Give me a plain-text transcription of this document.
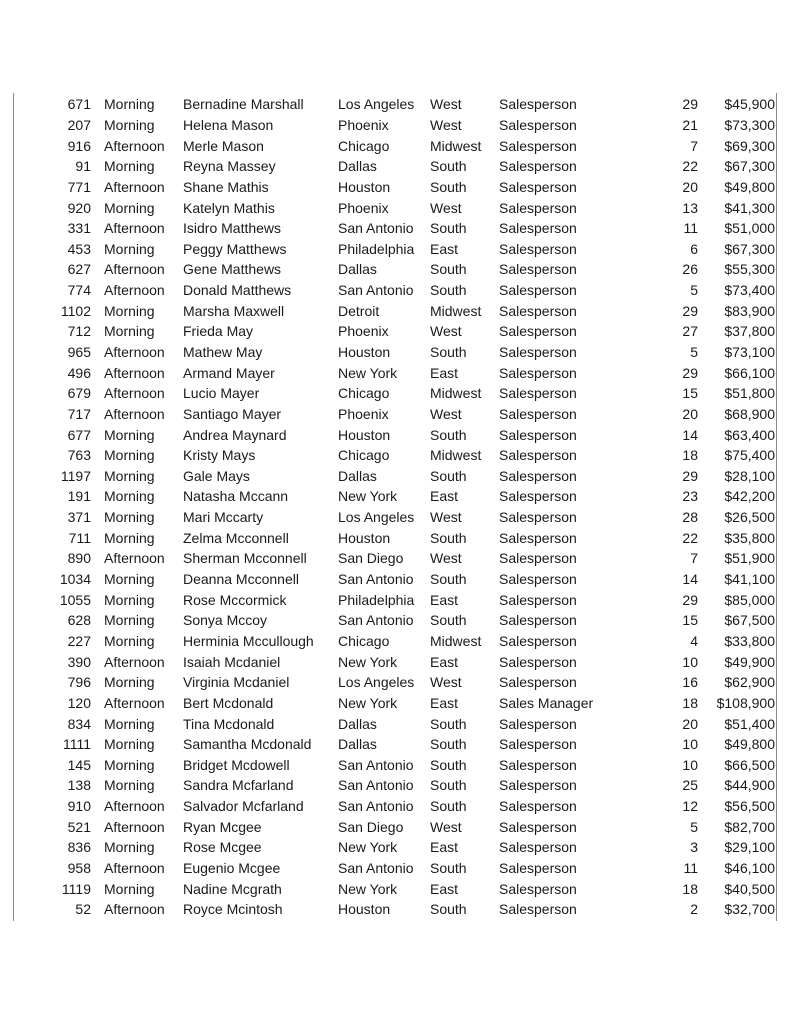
671	Morning	Bernadine Marshall	Los Angeles	West	Salesperson	29	$45,900
207	Morning	Helena Mason	Phoenix	West	Salesperson	21	$73,300
916	Afternoon	Merle Mason	Chicago	Midwest	Salesperson	7	$69,300
91	Morning	Reyna Massey	Dallas	South	Salesperson	22	$67,300
771	Afternoon	Shane Mathis	Houston	South	Salesperson	20	$49,800
920	Morning	Katelyn Mathis	Phoenix	West	Salesperson	13	$41,300
331	Afternoon	Isidro Matthews	San Antonio	South	Salesperson	11	$51,000
453	Morning	Peggy Matthews	Philadelphia	East	Salesperson	6	$67,300
627	Afternoon	Gene Matthews	Dallas	South	Salesperson	26	$55,300
774	Afternoon	Donald Matthews	San Antonio	South	Salesperson	5	$73,400
1102	Morning	Marsha Maxwell	Detroit	Midwest	Salesperson	29	$83,900
712	Morning	Frieda May	Phoenix	West	Salesperson	27	$37,800
965	Afternoon	Mathew May	Houston	South	Salesperson	5	$73,100
496	Afternoon	Armand Mayer	New York	East	Salesperson	29	$66,100
679	Afternoon	Lucio Mayer	Chicago	Midwest	Salesperson	15	$51,800
717	Afternoon	Santiago Mayer	Phoenix	West	Salesperson	20	$68,900
677	Morning	Andrea Maynard	Houston	South	Salesperson	14	$63,400
763	Morning	Kristy Mays	Chicago	Midwest	Salesperson	18	$75,400
1197	Morning	Gale Mays	Dallas	South	Salesperson	29	$28,100
191	Morning	Natasha Mccann	New York	East	Salesperson	23	$42,200
371	Morning	Mari Mccarty	Los Angeles	West	Salesperson	28	$26,500
711	Morning	Zelma Mcconnell	Houston	South	Salesperson	22	$35,800
890	Afternoon	Sherman Mcconnell	San Diego	West	Salesperson	7	$51,900
1034	Morning	Deanna Mcconnell	San Antonio	South	Salesperson	14	$41,100
1055	Morning	Rose Mccormick	Philadelphia	East	Salesperson	29	$85,000
628	Morning	Sonya Mccoy	San Antonio	South	Salesperson	15	$67,500
227	Morning	Herminia Mccullough	Chicago	Midwest	Salesperson	4	$33,800
390	Afternoon	Isaiah Mcdaniel	New York	East	Salesperson	10	$49,900
796	Morning	Virginia Mcdaniel	Los Angeles	West	Salesperson	16	$62,900
120	Afternoon	Bert Mcdonald	New York	East	Sales Manager	18	$108,900
834	Morning	Tina Mcdonald	Dallas	South	Salesperson	20	$51,400
1111	Morning	Samantha Mcdonald	Dallas	South	Salesperson	10	$49,800
145	Morning	Bridget Mcdowell	San Antonio	South	Salesperson	10	$66,500
138	Morning	Sandra Mcfarland	San Antonio	South	Salesperson	25	$44,900
910	Afternoon	Salvador Mcfarland	San Antonio	South	Salesperson	12	$56,500
521	Afternoon	Ryan Mcgee	San Diego	West	Salesperson	5	$82,700
836	Morning	Rose Mcgee	New York	East	Salesperson	3	$29,100
958	Afternoon	Eugenio Mcgee	San Antonio	South	Salesperson	11	$46,100
1119	Morning	Nadine Mcgrath	New York	East	Salesperson	18	$40,500
52	Afternoon	Royce Mcintosh	Houston	South	Salesperson	2	$32,700
